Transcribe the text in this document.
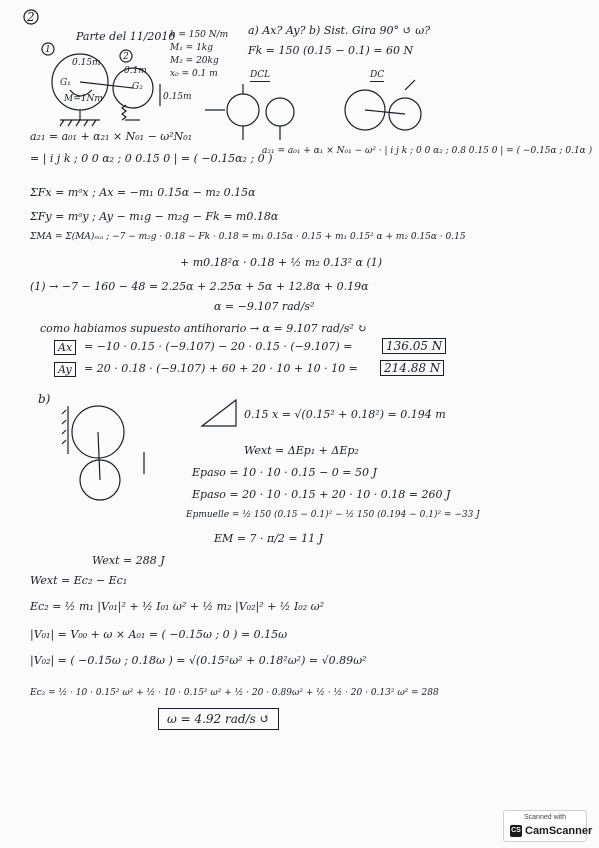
2
Parte del 11/2010
k = 150 N/m
M₁ = 1kg
M₂ = 20kg
x₀ = 0.1 m
a) Ax? Ay? b) Sist. Gira 90° ↺ ω?
Fk = 150 (0.15 − 0.1) = 60 N
DCL	DC
1
2
0.15m
0.1m
0.15m
G₁	G₂
M=1Nm
a₂₁ = a₀₁ + α₂₁ × N₀₁ − ω²N₀₁
= | i j k ; 0 0 α₂ ; 0 0.15 0 | = ( −0.15α₂ ; 0 )
a₂₁ = a₀₁ + α₁ × N₀₁ − ω² · | i j k ; 0 0 α₂ ; 0.8 0.15 0 | = ( −0.15α ; 0.1α )
ΣFx = mᵃx ; Ax = −m₁ 0.15α − m₂ 0.15α
ΣFy = mᵃy ; Ay − m₁g − m₂g − Fk = m0.18α
ΣMA = Σ(MA)ₘₐ ; −7 − m₂g · 0.18 − Fk · 0.18 = m₁ 0.15α · 0.15 + m₁ 0.15² α + m₂ 0.15α · 0.15
+ m0.18²α · 0.18 + ½ m₂ 0.13² α (1)
(1) → −7 − 160 − 48 = 2.25α + 2.25α + 5α + 12.8α + 0.19α
α = −9.107 rad/s²
como habiamos supuesto antihorario → α = 9.107 rad/s² ↻
Ax	= −10 · 0.15 · (−9.107) − 20 · 0.15 · (−9.107) =	136.05 N
Ay	= 20 · 0.18 · (−9.107) + 60 + 20 · 10 + 10 · 10 =	214.88 N
b)
0.15 x = √(0.15² + 0.18²) = 0.194 m
Wext = ΔEp₁ + ΔEp₂
Epaso = 10 · 10 · 0.15 − 0 = 50 J
Epaso = 20 · 10 · 0.15 + 20 · 10 · 0.18 = 260 J
Epmuelle = ½ 150 (0.15 − 0.1)² − ½ 150 (0.194 − 0.1)² = −33 J
EM = 7 · π/2 = 11 J
Wext = 288 J
Wext = Ec₂ − Ec₁
Ec₂ = ½ m₁ |V₀₁|² + ½ I₀₁ ω² + ½ m₂ |V₀₂|² + ½ I₀₂ ω²
|V₀₁| = V₀₀ + ω × A₀₁ = ( −0.15ω ; 0 ) = 0.15ω
|V₀₂| = ( −0.15ω ; 0.18ω ) = √(0.15²ω² + 0.18²ω²) = √0.89ω²
Ec₂ = ½ · 10 · 0.15² ω² + ½ · 10 · 0.15² ω² + ½ · 20 · 0.89ω² + ½ · ½ · 20 · 0.13² ω² = 288
ω = 4.92 rad/s ↺
Scanned with
CS CamScanner
